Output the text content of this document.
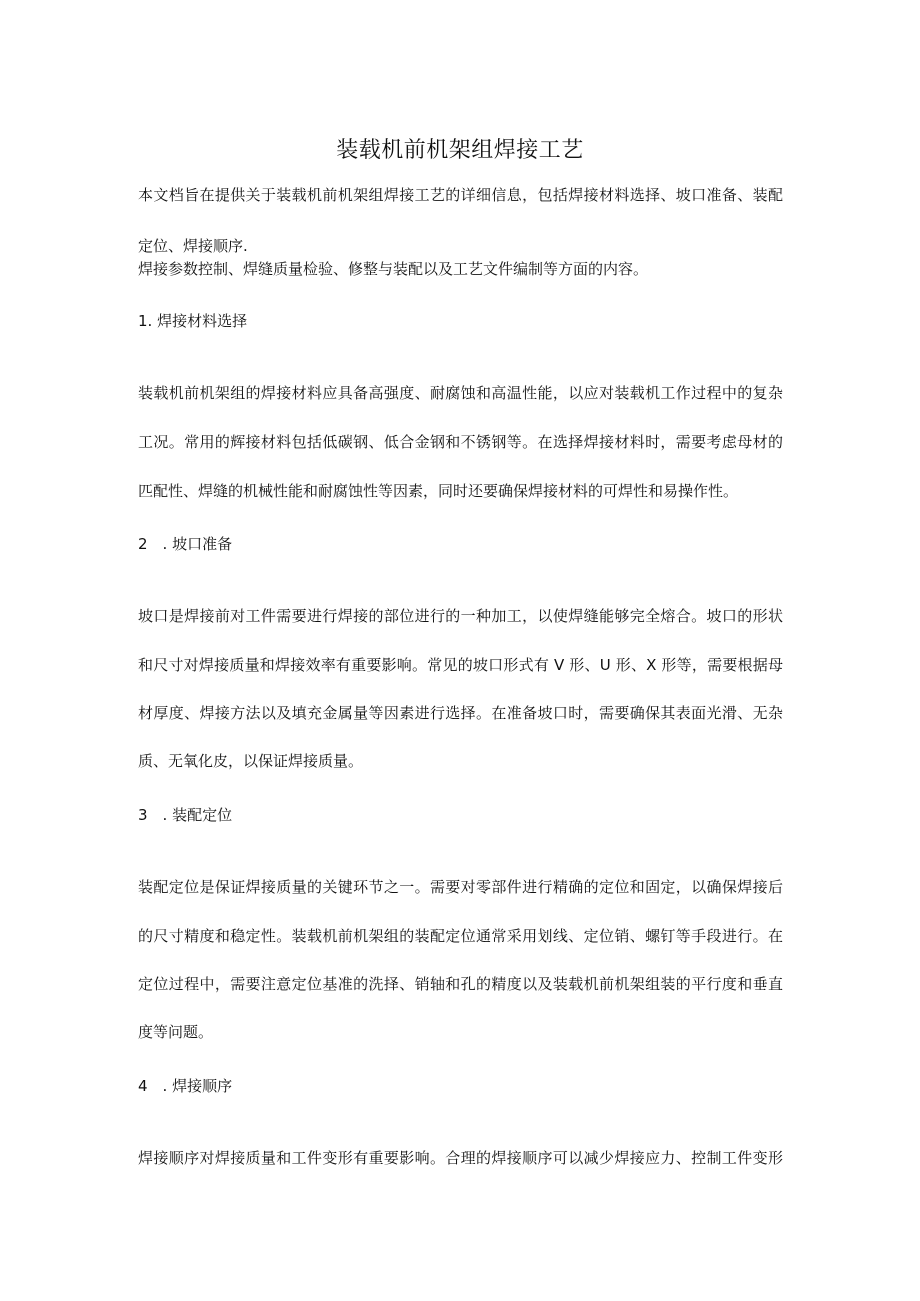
装载机前机架组焊接工艺
本文档旨在提供关于装载机前机架组焊接工艺的详细信息，包括焊接材料选择、坡口准备、装配
定位、焊接顺序.
焊接参数控制、焊缝质量检验、修整与装配以及工艺文件编制等方面的内容。
1. 焊接材料选择
装载机前机架组的焊接材料应具备高强度、耐腐蚀和高温性能，以应对装载机工作过程中的复杂
工况。常用的辉接材料包括低碳钢、低合金钢和不锈钢等。在选择焊接材料时，需要考虑母材的
匹配性、焊缝的机械性能和耐腐蚀性等因素，同时还要确保焊接材料的可焊性和易操作性。
2　. 坡口准备
坡口是焊接前对工件需要进行焊接的部位进行的一种加工，以使焊缝能够完全熔合。坡口的形状
和尺寸对焊接质量和焊接效率有重要影响。常见的坡口形式有 V 形、U 形、X 形等，需要根据母
材厚度、焊接方法以及填充金属量等因素进行选择。在准备坡口时，需要确保其表面光滑、无杂
质、无氧化皮，以保证焊接质量。
3　. 装配定位
装配定位是保证焊接质量的关键环节之一。需要对零部件进行精确的定位和固定，以确保焊接后
的尺寸精度和稳定性。装载机前机架组的装配定位通常采用划线、定位销、螺钉等手段进行。在
定位过程中，需要注意定位基准的洗择、销轴和孔的精度以及装载机前机架组装的平行度和垂直
度等问题。
4　. 焊接顺序
焊接顺序对焊接质量和工件变形有重要影响。合理的焊接顺序可以减少焊接应力、控制工件变形
